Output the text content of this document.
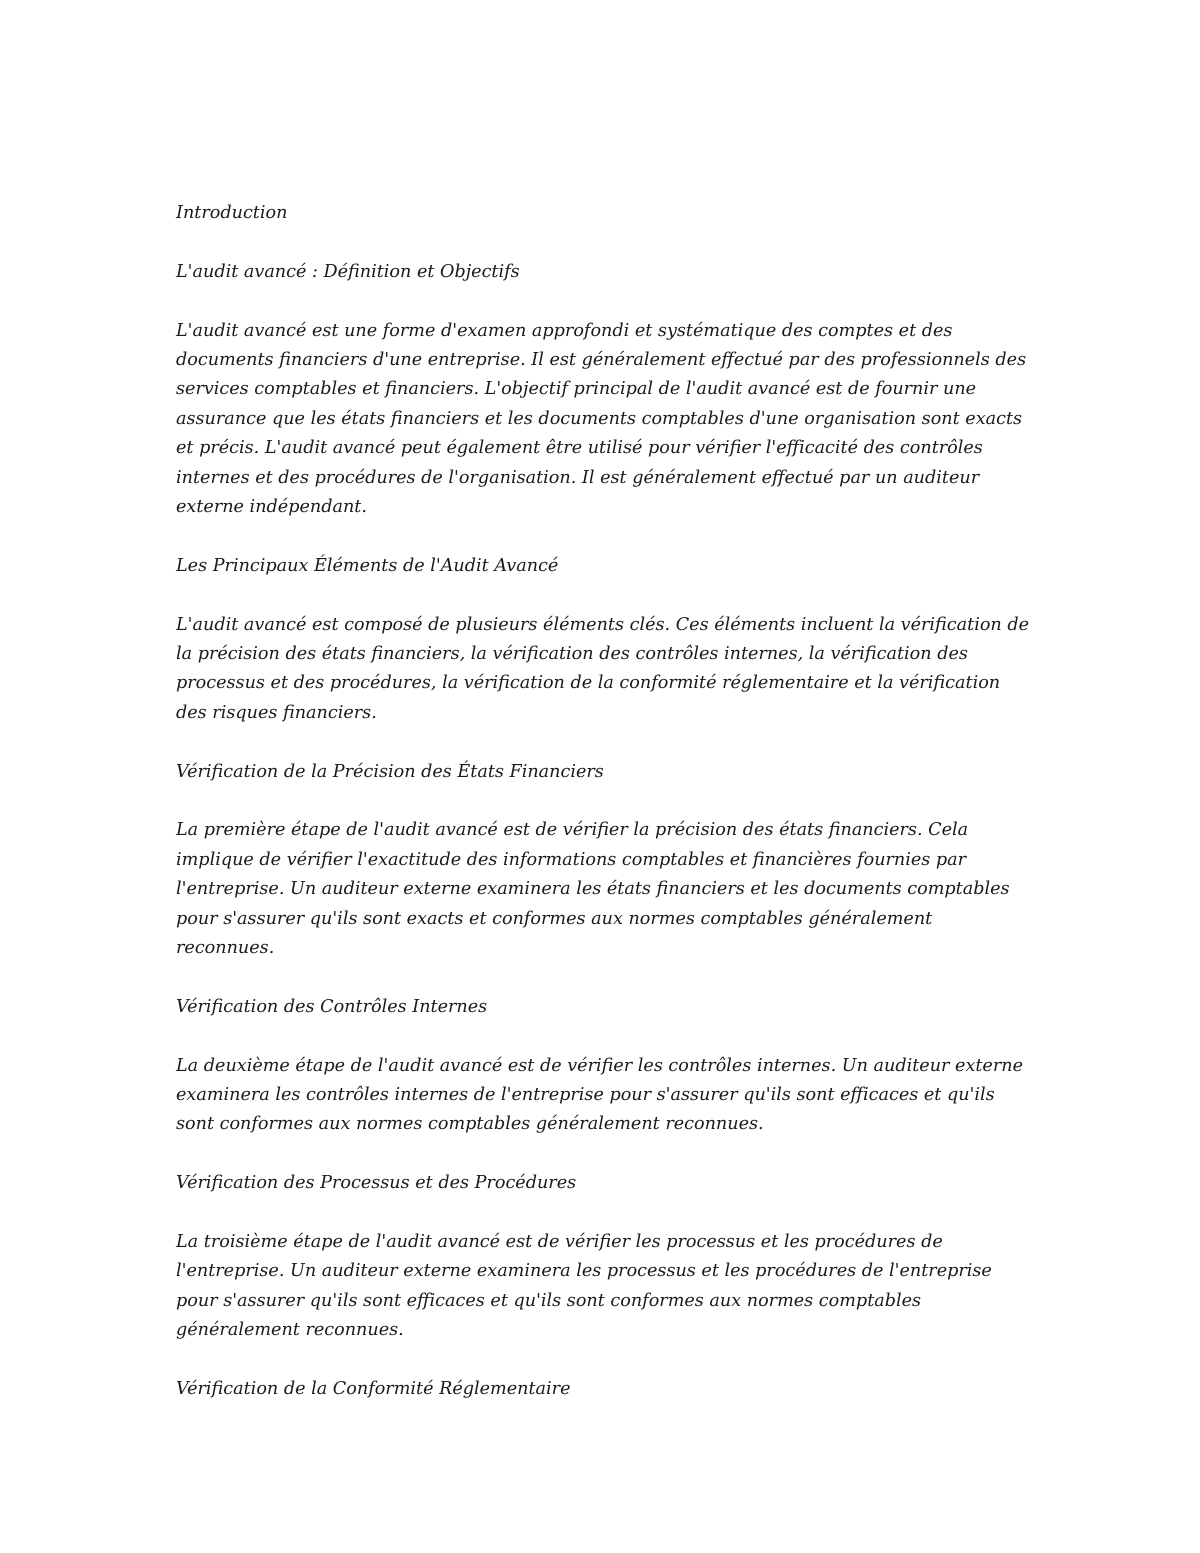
Introduction

L'audit avancé : Définition et Objectifs

L'audit avancé est une forme d'examen approfondi et systématique des comptes et des documents financiers d'une entreprise. Il est généralement effectué par des professionnels des services comptables et financiers. L'objectif principal de l'audit avancé est de fournir une assurance que les états financiers et les documents comptables d'une organisation sont exacts et précis. L'audit avancé peut également être utilisé pour vérifier l'efficacité des contrôles internes et des procédures de l'organisation. Il est généralement effectué par un auditeur externe indépendant.

Les Principaux Éléments de l'Audit Avancé

L'audit avancé est composé de plusieurs éléments clés. Ces éléments incluent la vérification de la précision des états financiers, la vérification des contrôles internes, la vérification des processus et des procédures, la vérification de la conformité réglementaire et la vérification des risques financiers.

Vérification de la Précision des États Financiers

La première étape de l'audit avancé est de vérifier la précision des états financiers. Cela implique de vérifier l'exactitude des informations comptables et financières fournies par l'entreprise. Un auditeur externe examinera les états financiers et les documents comptables pour s'assurer qu'ils sont exacts et conformes aux normes comptables généralement reconnues.

Vérification des Contrôles Internes

La deuxième étape de l'audit avancé est de vérifier les contrôles internes. Un auditeur externe examinera les contrôles internes de l'entreprise pour s'assurer qu'ils sont efficaces et qu'ils sont conformes aux normes comptables généralement reconnues.

Vérification des Processus et des Procédures

La troisième étape de l'audit avancé est de vérifier les processus et les procédures de l'entreprise. Un auditeur externe examinera les processus et les procédures de l'entreprise pour s'assurer qu'ils sont efficaces et qu'ils sont conformes aux normes comptables généralement reconnues.

Vérification de la Conformité Réglementaire
